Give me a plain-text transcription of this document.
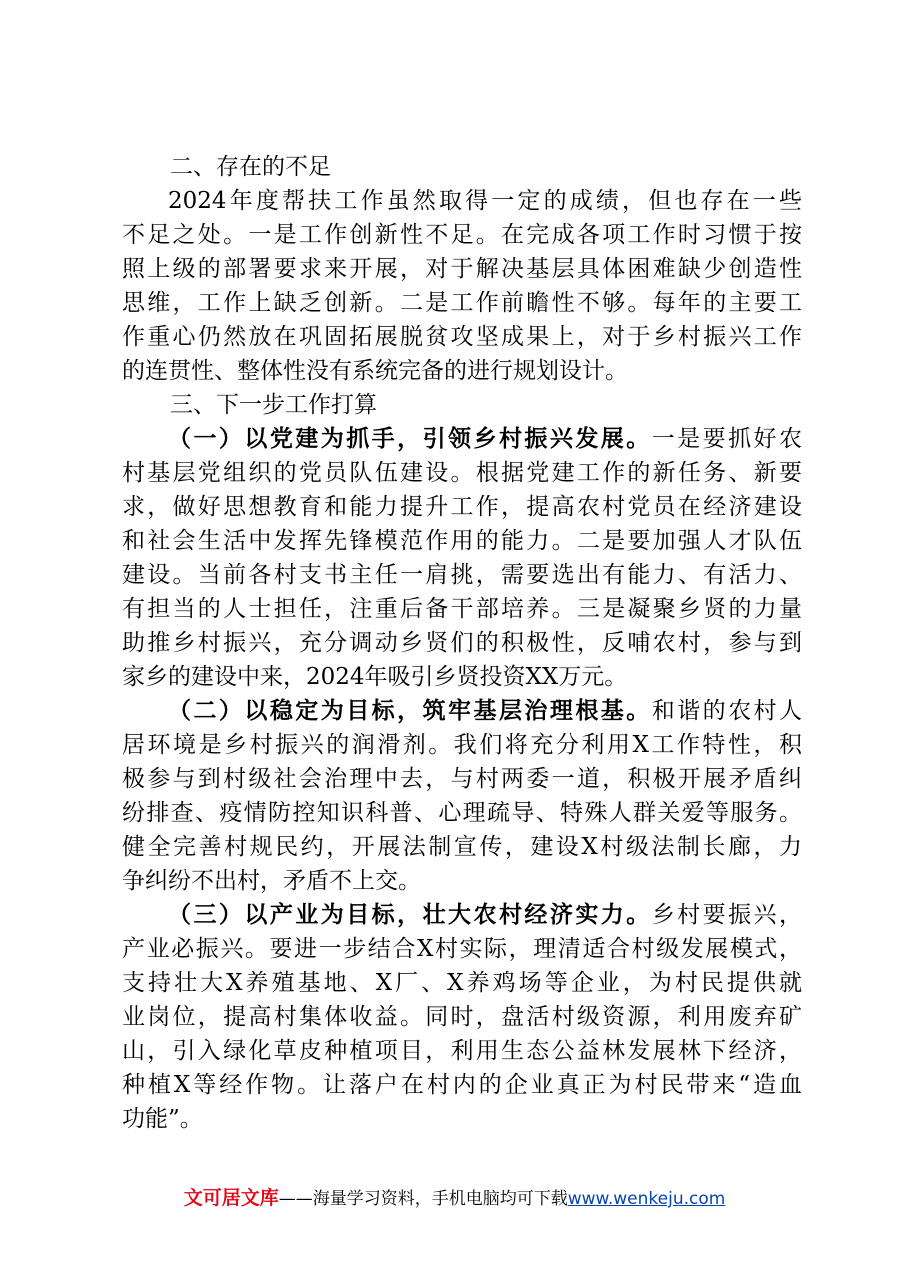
二、存在的不足
2024年度帮扶工作虽然取得一定的成绩，但也存在一些
不足之处。一是工作创新性不足。在完成各项工作时习惯于按
照上级的部署要求来开展，对于解决基层具体困难缺少创造性
思维，工作上缺乏创新。二是工作前瞻性不够。每年的主要工
作重心仍然放在巩固拓展脱贫攻坚成果上，对于乡村振兴工作
的连贯性、整体性没有系统完备的进行规划设计。
三、下一步工作打算
（一）以党建为抓手，引领乡村振兴发展。一是要抓好农
村基层党组织的党员队伍建设。根据党建工作的新任务、新要
求，做好思想教育和能力提升工作，提高农村党员在经济建设
和社会生活中发挥先锋模范作用的能力。二是要加强人才队伍
建设。当前各村支书主任一肩挑，需要选出有能力、有活力、
有担当的人士担任，注重后备干部培养。三是凝聚乡贤的力量
助推乡村振兴，充分调动乡贤们的积极性，反哺农村，参与到
家乡的建设中来，2024年吸引乡贤投资XX万元。
（二）以稳定为目标，筑牢基层治理根基。和谐的农村人
居环境是乡村振兴的润滑剂。我们将充分利用X工作特性，积
极参与到村级社会治理中去，与村两委一道，积极开展矛盾纠
纷排查、疫情防控知识科普、心理疏导、特殊人群关爱等服务。
健全完善村规民约，开展法制宣传，建设X村级法制长廊，力
争纠纷不出村，矛盾不上交。
（三）以产业为目标，壮大农村经济实力。乡村要振兴，
产业必振兴。要进一步结合X村实际，理清适合村级发展模式，
支持壮大X养殖基地、X厂、X养鸡场等企业，为村民提供就
业岗位，提高村集体收益。同时，盘活村级资源，利用废弃矿
山，引入绿化草皮种植项目，利用生态公益林发展林下经济，
种植X等经作物。让落户在村内的企业真正为村民带来“造血
功能”。
文可居文库——海量学习资料，手机电脑均可下载www.wenkeju.com
